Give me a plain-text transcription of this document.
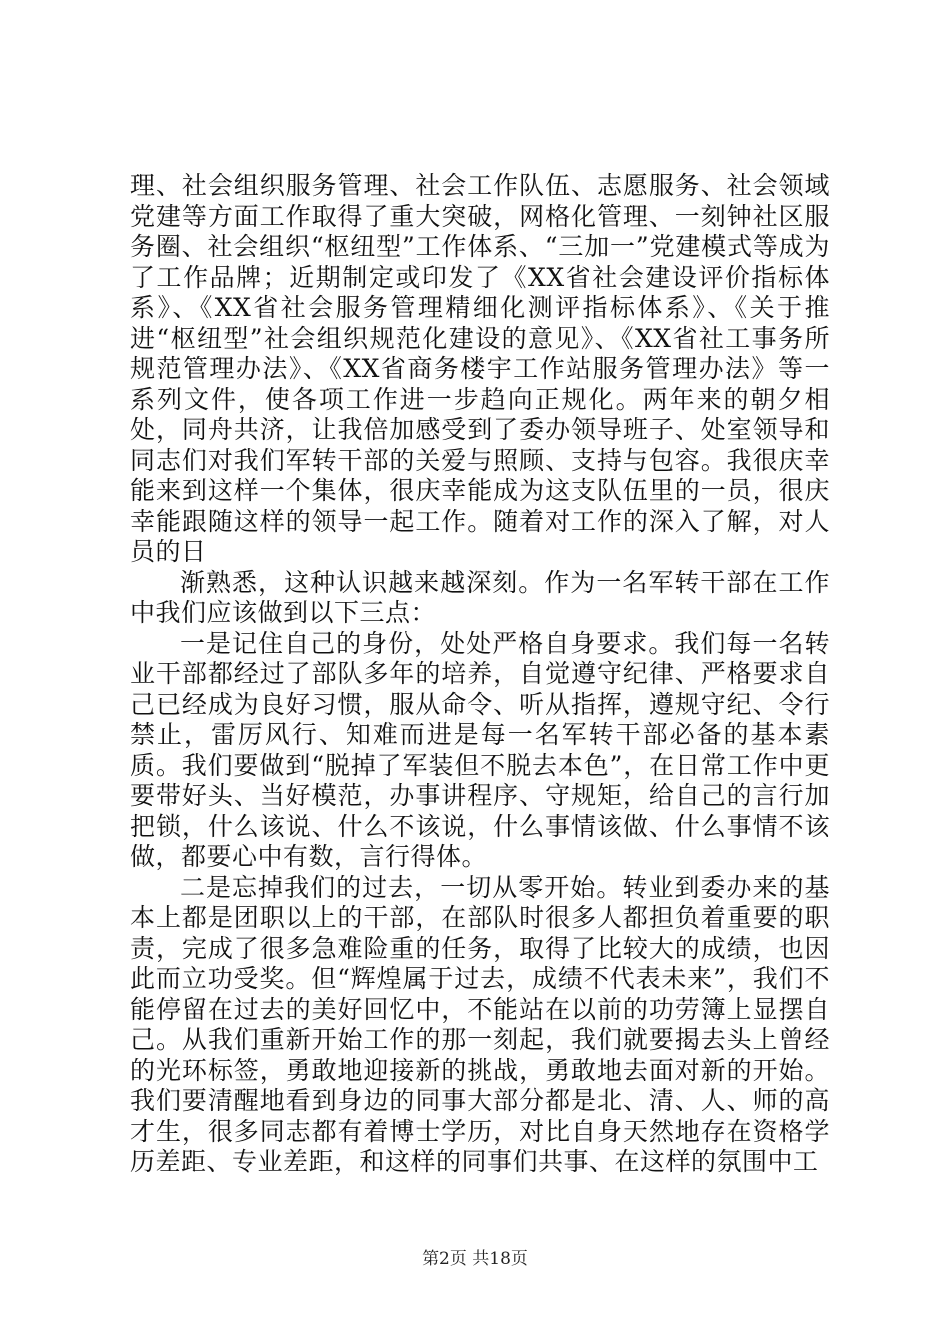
理、社会组织服务管理、社会工作队伍、志愿服务、社会领域党建等方面工作取得了重大突破，网格化管理、一刻钟社区服务圈、社会组织“枢纽型”工作体系、“三加一”党建模式等成为了工作品牌；近期制定或印发了《XX省社会建设评价指标体系》、《XX省社会服务管理精细化测评指标体系》、《关于推进“枢纽型”社会组织规范化建设的意见》、《XX省社工事务所规范管理办法》、《XX省商务楼宇工作站服务管理办法》等一系列文件，使各项工作进一步趋向正规化。两年来的朝夕相处，同舟共济，让我倍加感受到了委办领导班子、处室领导和同志们对我们军转干部的关爱与照顾、支持与包容。我很庆幸能来到这样一个集体，很庆幸能成为这支队伍里的一员，很庆幸能跟随这样的领导一起工作。随着对工作的深入了解，对人员的日

渐熟悉，这种认识越来越深刻。作为一名军转干部在工作中我们应该做到以下三点：

一是记住自己的身份，处处严格自身要求。我们每一名转业干部都经过了部队多年的培养，自觉遵守纪律、严格要求自己已经成为良好习惯，服从命令、听从指挥，遵规守纪、令行禁止，雷厉风行、知难而进是每一名军转干部必备的基本素质。我们要做到“脱掉了军装但不脱去本色”，在日常工作中更要带好头、当好模范，办事讲程序、守规矩，给自己的言行加把锁，什么该说、什么不该说，什么事情该做、什么事情不该做，都要心中有数，言行得体。

二是忘掉我们的过去，一切从零开始。转业到委办来的基本上都是团职以上的干部，在部队时很多人都担负着重要的职责，完成了很多急难险重的任务，取得了比较大的成绩，也因此而立功受奖。但“辉煌属于过去，成绩不代表未来”，我们不能停留在过去的美好回忆中，不能站在以前的功劳簿上显摆自己。从我们重新开始工作的那一刻起，我们就要揭去头上曾经的光环标签，勇敢地迎接新的挑战，勇敢地去面对新的开始。我们要清醒地看到身边的同事大部分都是北、清、人、师的高才生，很多同志都有着博士学历，对比自身天然地存在资格学历差距、专业差距，和这样的同事们共事、在这样的氛围中工

第2页 共18页
